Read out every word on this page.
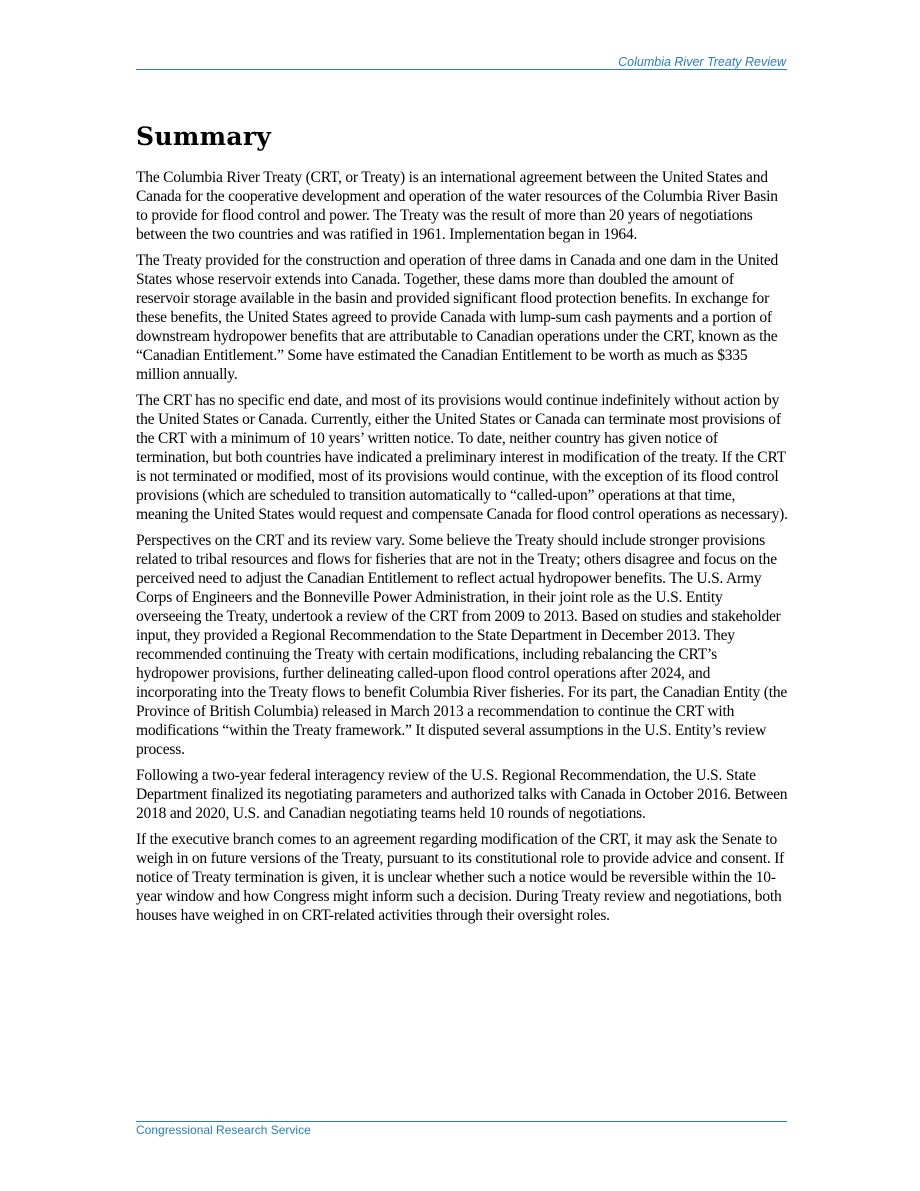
Columbia River Treaty Review
Summary

The Columbia River Treaty (CRT, or Treaty) is an international agreement between the United States and Canada for the cooperative development and operation of the water resources of the Columbia River Basin to provide for flood control and power. The Treaty was the result of more than 20 years of negotiations between the two countries and was ratified in 1961. Implementation began in 1964.

The Treaty provided for the construction and operation of three dams in Canada and one dam in the United States whose reservoir extends into Canada. Together, these dams more than doubled the amount of reservoir storage available in the basin and provided significant flood protection benefits. In exchange for these benefits, the United States agreed to provide Canada with lump-sum cash payments and a portion of downstream hydropower benefits that are attributable to Canadian operations under the CRT, known as the “Canadian Entitlement.” Some have estimated the Canadian Entitlement to be worth as much as $335 million annually.

The CRT has no specific end date, and most of its provisions would continue indefinitely without action by the United States or Canada. Currently, either the United States or Canada can terminate most provisions of the CRT with a minimum of 10 years’ written notice. To date, neither country has given notice of termination, but both countries have indicated a preliminary interest in modification of the treaty. If the CRT is not terminated or modified, most of its provisions would continue, with the exception of its flood control provisions (which are scheduled to transition automatically to “called-upon” operations at that time, meaning the United States would request and compensate Canada for flood control operations as necessary).

Perspectives on the CRT and its review vary. Some believe the Treaty should include stronger provisions related to tribal resources and flows for fisheries that are not in the Treaty; others disagree and focus on the perceived need to adjust the Canadian Entitlement to reflect actual hydropower benefits. The U.S. Army Corps of Engineers and the Bonneville Power Administration, in their joint role as the U.S. Entity overseeing the Treaty, undertook a review of the CRT from 2009 to 2013. Based on studies and stakeholder input, they provided a Regional Recommendation to the State Department in December 2013. They recommended continuing the Treaty with certain modifications, including rebalancing the CRT’s hydropower provisions, further delineating called-upon flood control operations after 2024, and incorporating into the Treaty flows to benefit Columbia River fisheries. For its part, the Canadian Entity (the Province of British Columbia) released in March 2013 a recommendation to continue the CRT with modifications “within the Treaty framework.” It disputed several assumptions in the U.S. Entity’s review process.

Following a two-year federal interagency review of the U.S. Regional Recommendation, the U.S. State Department finalized its negotiating parameters and authorized talks with Canada in October 2016. Between 2018 and 2020, U.S. and Canadian negotiating teams held 10 rounds of negotiations.

If the executive branch comes to an agreement regarding modification of the CRT, it may ask the Senate to weigh in on future versions of the Treaty, pursuant to its constitutional role to provide advice and consent. If notice of Treaty termination is given, it is unclear whether such a notice would be reversible within the 10-year window and how Congress might inform such a decision. During Treaty review and negotiations, both houses have weighed in on CRT-related activities through their oversight roles.

Congressional Research Service
